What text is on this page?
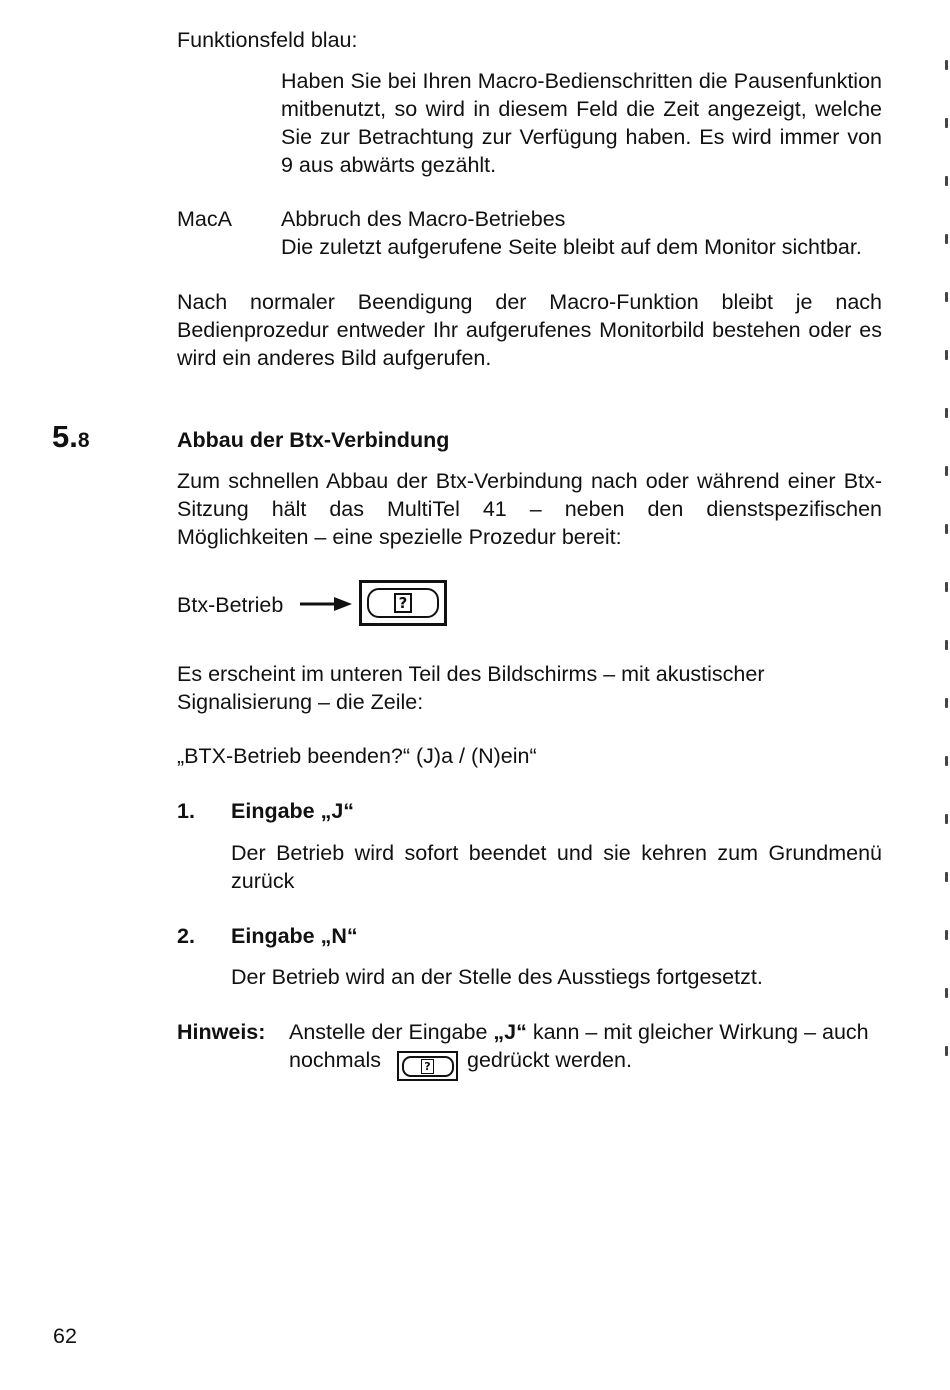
Funktionsfeld blau:
Haben Sie bei Ihren Macro-Bedienschritten die Pausenfunktion mitbenutzt, so wird in diesem Feld die Zeit angezeigt, welche Sie zur Betrachtung zur Verfügung haben. Es wird immer von 9 aus abwärts gezählt.
MacA Abbruch des Macro-Betriebes
Die zuletzt aufgerufene Seite bleibt auf dem Monitor sichtbar.
Nach normaler Beendigung der Macro-Funktion bleibt je nach Bedienprozedur entweder Ihr aufgerufenes Monitorbild bestehen oder es wird ein anderes Bild aufgerufen.
5.8	Abbau der Btx-Verbindung
Zum schnellen Abbau der Btx-Verbindung nach oder während einer Btx-Sitzung hält das MultiTel 41 – neben den dienstspezifischen Möglichkeiten – eine spezielle Prozedur bereit:
Btx-Betrieb	?
Es erscheint im unteren Teil des Bildschirms – mit akustischer Signalisierung – die Zeile:
„BTX-Betrieb beenden?“ (J)a / (N)ein“
1. Eingabe „J“
Der Betrieb wird sofort beendet und sie kehren zum Grundmenü zurück
2. Eingabe „N“
Der Betrieb wird an der Stelle des Ausstiegs fortgesetzt.
Hinweis: Anstelle der Eingabe „J“ kann – mit gleicher Wirkung – auch
nochmals	? gedrückt werden.
62
